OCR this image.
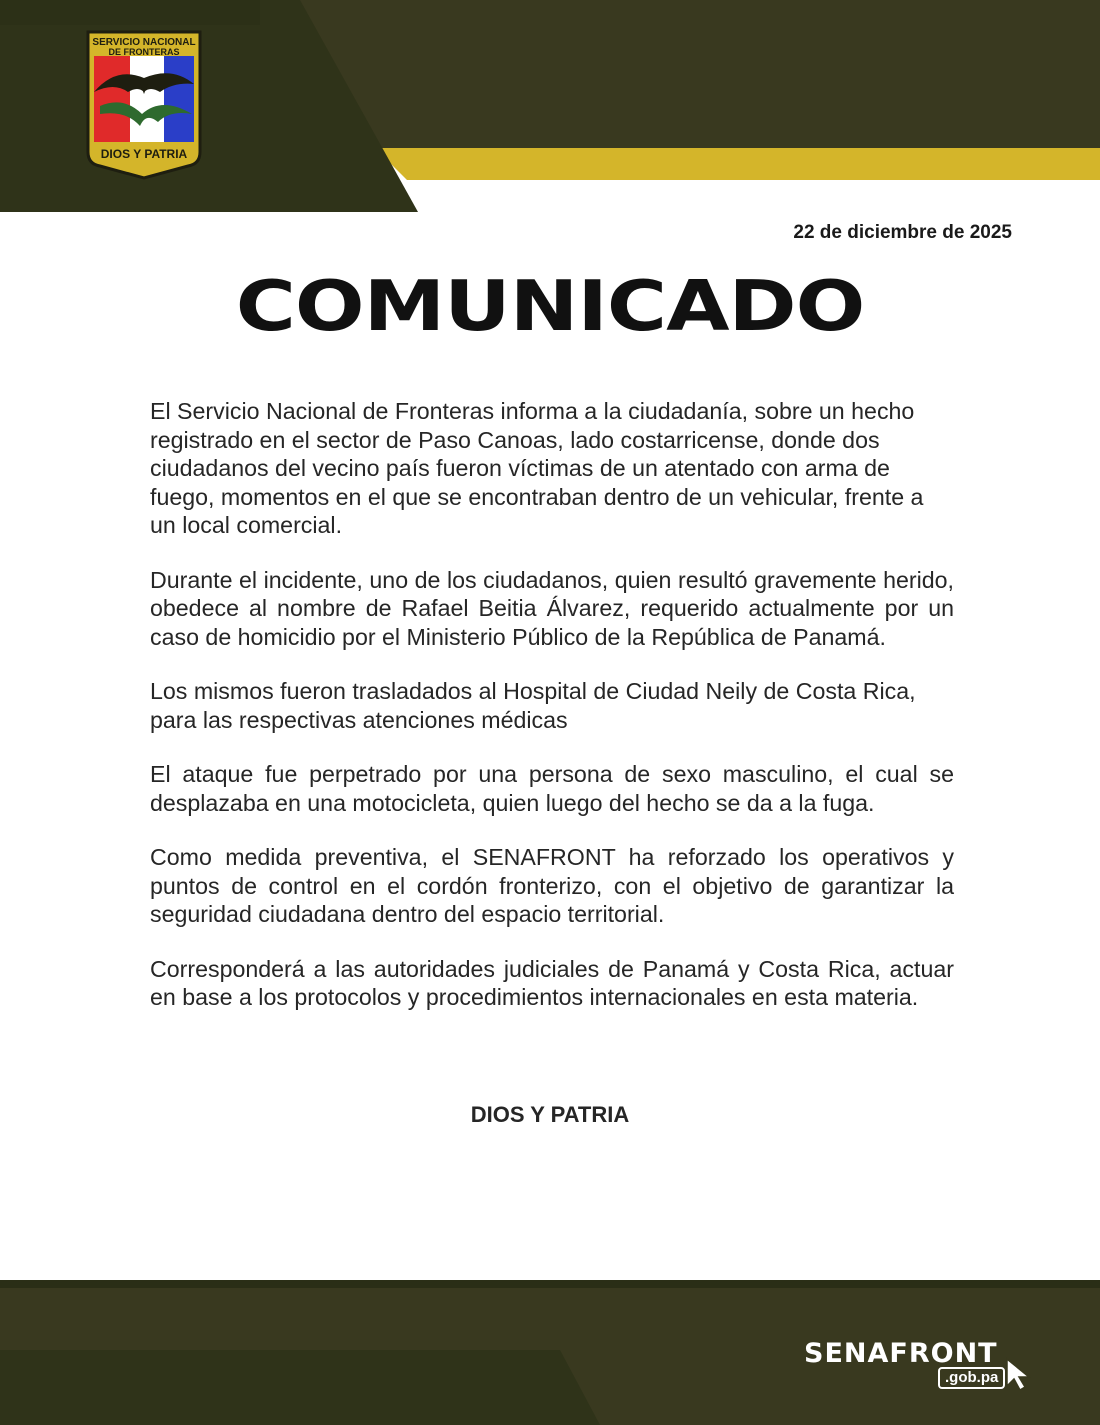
SERVICIO NACIONAL
DE FRONTERAS
DIOS Y PATRIA
22 de diciembre de 2025
COMUNICADO

El Servicio Nacional de Fronteras informa a la ciudadanía, sobre un hecho registrado en el sector de Paso Canoas, lado costarricense, donde dos ciudadanos del vecino país fueron víctimas de un atentado con arma de fuego, momentos en el que se encontraban dentro de un vehicular, frente a un local comercial.

Durante el incidente, uno de los ciudadanos, quien resultó gravemente herido, obedece al nombre de Rafael Beitia Álvarez, requerido actualmente por un caso de homicidio por el Ministerio Público de la República de Panamá.

Los mismos fueron trasladados al Hospital de Ciudad Neily de Costa Rica, para las respectivas atenciones médicas

El ataque fue perpetrado por una persona de sexo masculino, el cual se desplazaba en una motocicleta, quien luego del hecho se da a la fuga.

Como medida preventiva, el SENAFRONT ha reforzado los operativos y puntos de control en el cordón fronterizo, con el objetivo de garantizar la seguridad ciudadana dentro del espacio territorial.

Corresponderá a las autoridades judiciales de Panamá y Costa Rica, actuar en base a los protocolos y procedimientos internacionales en esta materia.

DIOS Y PATRIA
SENAFRONT
.gob.pa
